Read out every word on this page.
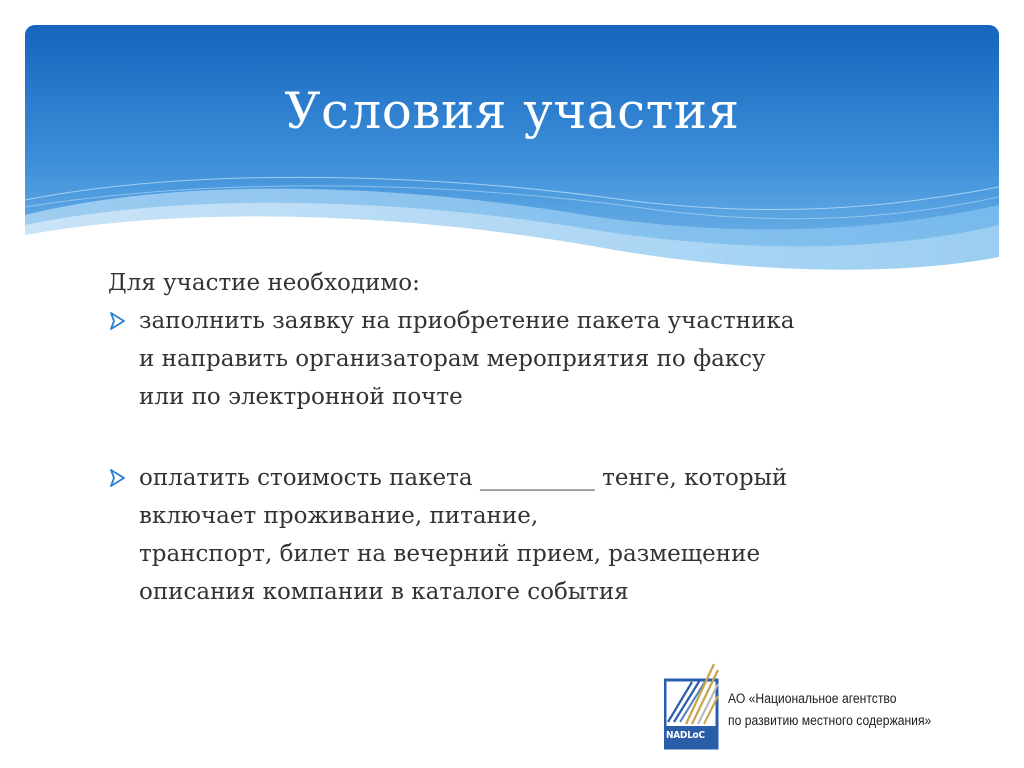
Условия участия

Для участие необходимо:

заполнить заявку на приобретение пакета участника
и направить организаторам мероприятия по факсу
или по электронной почте
оплатить стоимость пакета __________ тенге, который
включает проживание, питание,
транспорт, билет на вечерний прием, размещение
описания компании в каталоге события
NADLoC
АО «Национальное агентство
по развитию местного содержания»
